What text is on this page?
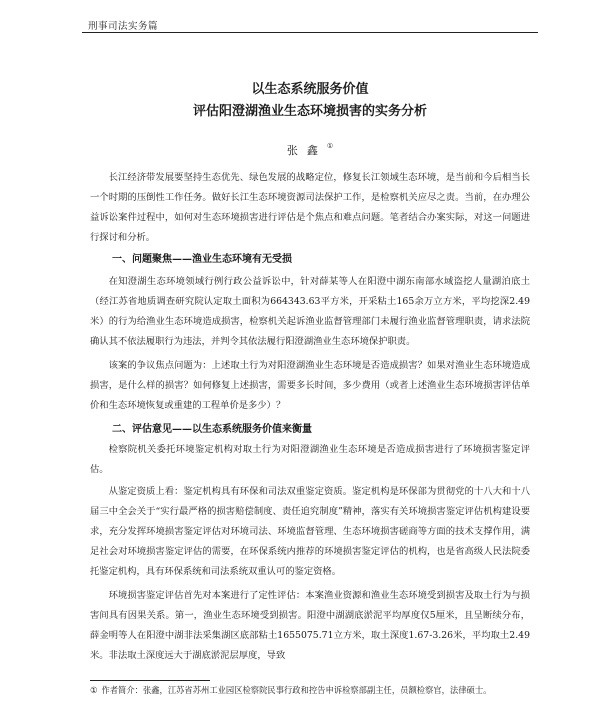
刑事司法实务篇
以生态系统服务价值
评估阳澄湖渔业生态环境损害的实务分析
张鑫①

长江经济带发展要坚持生态优先、绿色发展的战略定位，修复长江领域生态环境，是当前和今后相当长一个时期的压倒性工作任务。做好长江生态环境资源司法保护工作，是检察机关应尽之责。当前，在办理公益诉讼案件过程中，如何对生态环境损害进行评估是个焦点和难点问题。笔者结合办案实际，对这一问题进行探讨和分析。

一、问题聚焦——渔业生态环境有无受损

在知澄湖生态环境领域行例行政公益诉讼中，针对薛某等人在阳澄中湖东南部水域盗挖人量湖泊底土（经江苏省地质调查研究院认定取土面积为664343.63平方米，开采粘土165余万立方米，平均挖深2.49米）的行为给渔业生态环境造成损害，检察机关起诉渔业监督管理部门未履行渔业监督管理职责，请求法院确认其不依法履职行为违法，并判令其依法履行阳澄湖渔业生态环境保护职责。

该案的争议焦点问题为：上述取土行为对阳澄湖渔业生态环境是否造成损害？如果对渔业生态环境造成损害，是什么样的损害？如何修复上述损害，需要多长时间，多少费用（或者上述渔业生态环境损害评估单价和生态环境恢复或重建的工程单价是多少）？

二、评估意见——以生态系统服务价值来衡量

检察院机关委托环境鉴定机构对取土行为对阳澄湖渔业生态环境是否造成损害进行了环境损害鉴定评估。

从鉴定资质上看：鉴定机构具有环保和司法双重鉴定资质。鉴定机构是环保部为贯彻党的十八大和十八届三中全会关于“实行最严格的损害赔偿制度、责任追究制度”精神，落实有关环境损害鉴定评估机构建设要求，充分发挥环境损害鉴定评估对环境司法、环境监督管理、生态环境损害磋商等方面的技术支撑作用，满足社会对环境损害鉴定评估的需要，在环保系统内推荐的环境损害鉴定评估的机构，也是省高级人民法院委托鉴定机构，具有环保系统和司法系统双重认可的鉴定资格。

环境损害鉴定评估首先对本案进行了定性评估：本案渔业资源和渔业生态环境受到损害及取土行为与损害间具有因果关系。第一，渔业生态环境受到损害。阳澄中湖湖底淤泥平均厚度仅5厘米，且呈断续分布，薛金明等人在阳澄中湖非法采集湖区底部粘土1655075.71立方米，取土深度1.67-3.26米，平均取土2.49米。非法取土深度远大于湖底淤泥层厚度，导致

① 作者简介：张鑫，江苏省苏州工业园区检察院民事行政和控告申诉检察部副主任，员额检察官，法律硕士。
